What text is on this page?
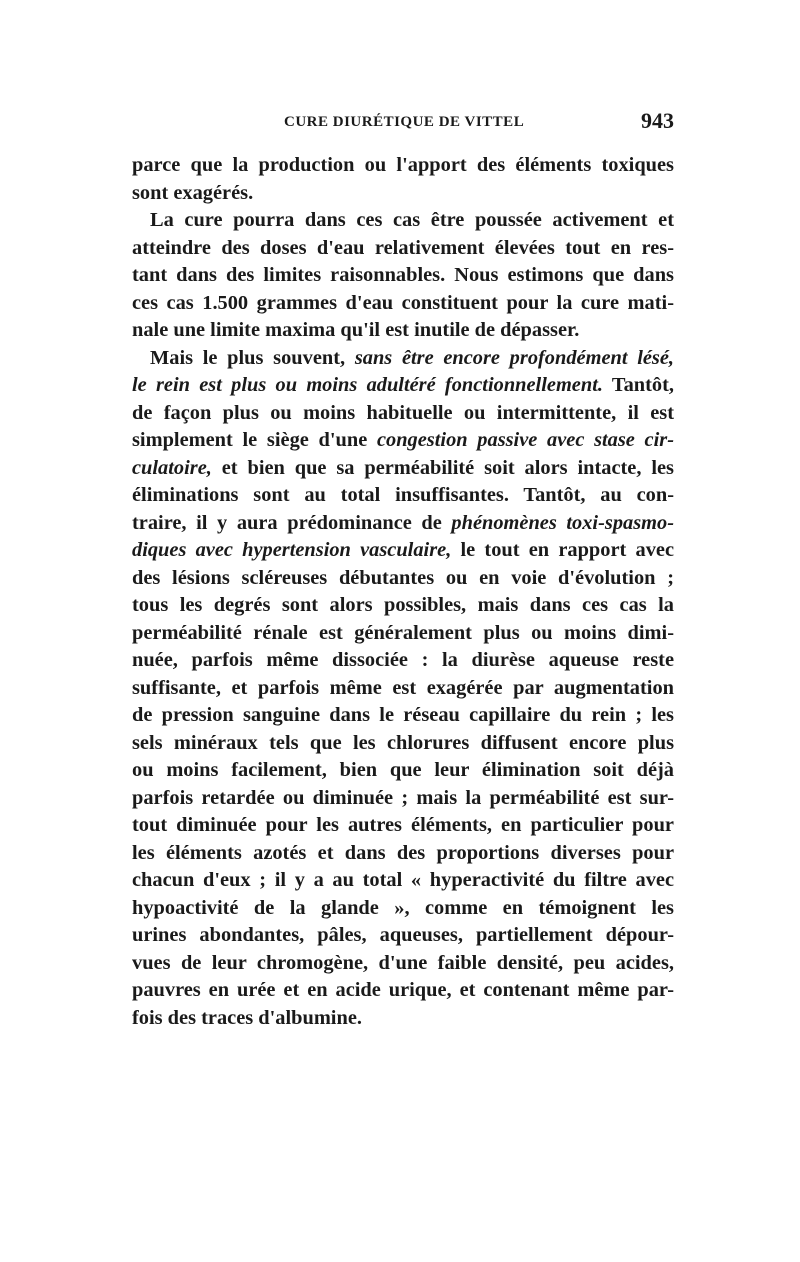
CURE DIURÉTIQUE DE VITTEL	943
parce que la production ou l'apport des éléments toxiques
sont exagérés.
La cure pourra dans ces cas être poussée activement et
atteindre des doses d'eau relativement élevées tout en res-
tant dans des limites raisonnables. Nous estimons que dans
ces cas 1.500 grammes d'eau constituent pour la cure mati-
nale une limite maxima qu'il est inutile de dépasser.
Mais le plus souvent, sans être encore profondément lésé,
le rein est plus ou moins adultéré fonctionnellement. Tantôt,
de façon plus ou moins habituelle ou intermittente, il est
simplement le siège d'une congestion passive avec stase cir-
culatoire, et bien que sa perméabilité soit alors intacte, les
éliminations sont au total insuffisantes. Tantôt, au con-
traire, il y aura prédominance de phénomènes toxi-spasmo-
diques avec hypertension vasculaire, le tout en rapport avec
des lésions scléreuses débutantes ou en voie d'évolution ;
tous les degrés sont alors possibles, mais dans ces cas la
perméabilité rénale est généralement plus ou moins dimi-
nuée, parfois même dissociée : la diurèse aqueuse reste
suffisante, et parfois même est exagérée par augmentation
de pression sanguine dans le réseau capillaire du rein ; les
sels minéraux tels que les chlorures diffusent encore plus
ou moins facilement, bien que leur élimination soit déjà
parfois retardée ou diminuée ; mais la perméabilité est sur-
tout diminuée pour les autres éléments, en particulier pour
les éléments azotés et dans des proportions diverses pour
chacun d'eux ; il y a au total « hyperactivité du filtre avec
hypoactivité de la glande », comme en témoignent les
urines abondantes, pâles, aqueuses, partiellement dépour-
vues de leur chromogène, d'une faible densité, peu acides,
pauvres en urée et en acide urique, et contenant même par-
fois des traces d'albumine.
